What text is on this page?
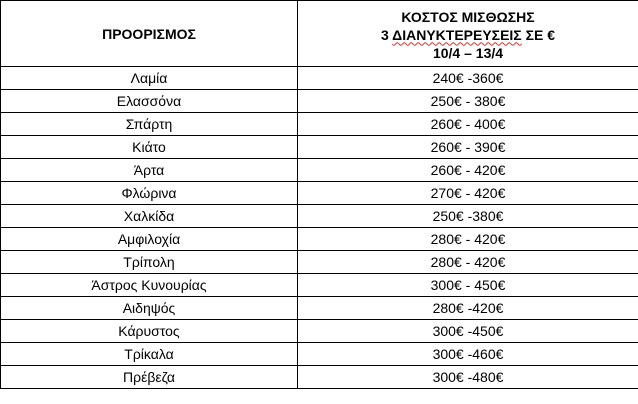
ΠΡΟΟΡΙΣΜΟΣ	ΚΟΣΤΟΣ ΜΙΣΘΩΣΗΣ
3 ΔΙΑΝΥΚΤΕΡΕΥΣΕΙΣ ΣΕ €
10/4 – 13/4

Λαμία	240€ -360€
Ελασσόνα	250€ - 380€
Σπάρτη	260€ - 400€
Κιάτο	260€ - 390€
Άρτα	260€ - 420€
Φλώρινα	270€ - 420€
Χαλκίδα	250€ -380€
Αμφιλοχία	280€ - 420€
Τρίπολη	280€ - 420€
Άστρος Κυνουρίας	300€ - 450€
Αιδηψός	280€ -420€
Κάρυστος	300€ -450€
Τρίκαλα	300€ -460€
Πρέβεζα	300€ -480€
